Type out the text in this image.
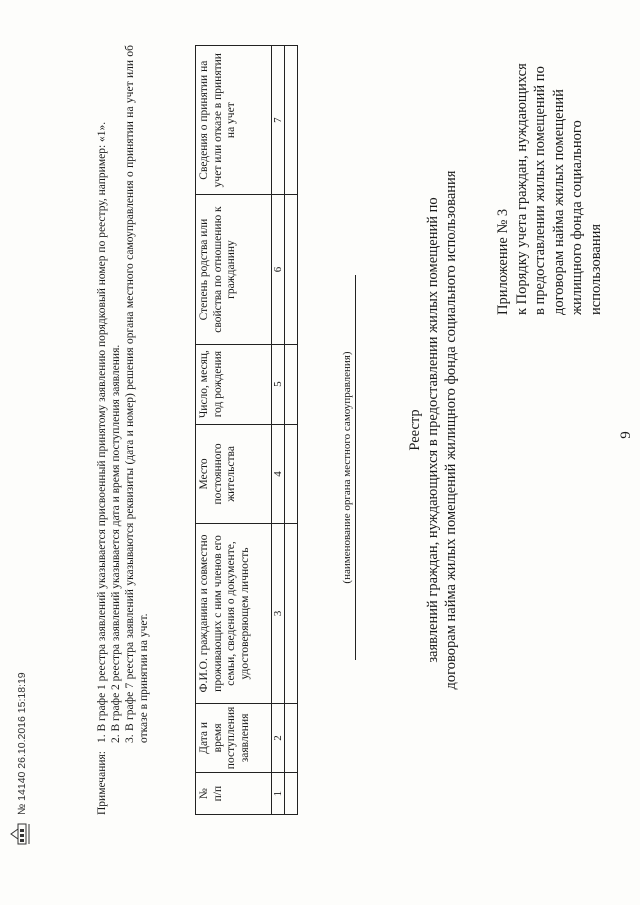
9
Приложение № 3 к Порядку учета граждан, нуждающихся в предоставлении жилых помещений по договорам найма жилых помещений жилищного фонда социального использования
Реестр заявлений граждан, нуждающихся в предоставлении жилых помещений по договорам найма жилых помещений жилищного фонда социального использования
(наименование органа местного самоуправления)
№
п/п	Дата и время поступления заявления	Ф.И.О. гражданина и совместно проживающих с ним членов его семьи, сведения о документе, удостоверяющем личность	Место постоянного жительства	Число, месяц, год рождения	Степень родства или свойства по отношению к гражданину	Сведения о принятии на учет или отказе в принятии на учет
1	2	3	4	5	6	7

Примечания:

1. В графе 1 реестра заявлений указывается присвоенный принятому заявлению порядковый номер по реестру, например: «1». 2. В графе 2 реестра заявлений указывается дата и время поступления заявления. 3. В графе 7 реестра заявлений указываются реквизиты (дата и номер) решения органа местного самоуправления о принятии на учет или об отказе в принятии на учет.

№ 14140 26.10.2016 15:18:19
